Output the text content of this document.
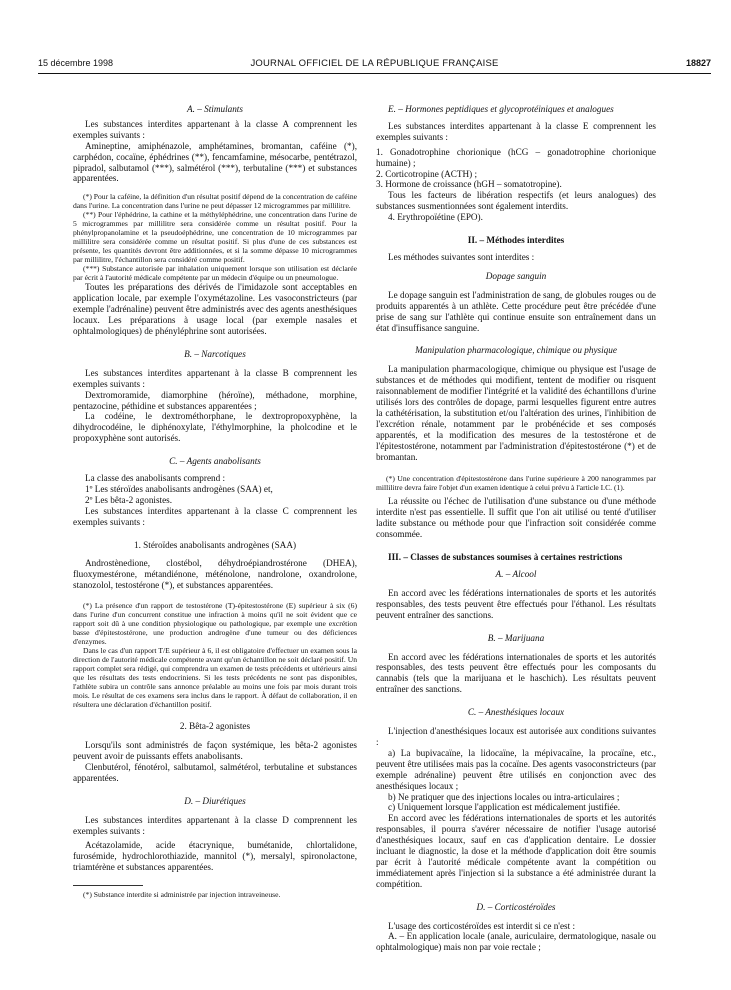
15 décembre 1998	JOURNAL OFFICIEL DE LA RÉPUBLIQUE FRANÇAISE	18827

A. – Stimulants

Les substances interdites appartenant à la classe A comprennent les exemples suivants :

Amineptine, amiphénazole, amphétamines, bromantan, caféine (*), carphédon, cocaïne, éphédrines (**), fencamfamine, mésocarbe, pentétrazol, pipradol, salbutamol (***), salmétérol (***), terbutaline (***) et substances apparentées.

(*) Pour la caféine, la définition d'un résultat positif dépend de la concentration de caféine dans l'urine. La concentration dans l'urine ne peut dépasser 12 microgrammes par millilitre.

(**) Pour l'éphédrine, la cathine et la méthyléphédrine, une concentration dans l'urine de 5 microgrammes par millilitre sera considérée comme un résultat positif. Pour la phénylpropanolamine et la pseudoéphédrine, une concentration de 10 microgrammes par millilitre sera considérée comme un résultat positif. Si plus d'une de ces substances est présente, les quantités devront être additionnées, et si la somme dépasse 10 microgrammes par millilitre, l'échantillon sera considéré comme positif.

(***) Substance autorisée par inhalation uniquement lorsque son utilisation est déclarée par écrit à l'autorité médicale compétente par un médecin d'équipe ou un pneumologue.

Toutes les préparations des dérivés de l'imidazole sont acceptables en application locale, par exemple l'oxymétazoline. Les vasoconstricteurs (par exemple l'adrénaline) peuvent être administrés avec des agents anesthésiques locaux. Les préparations à usage local (par exemple nasales et ophtalmologiques) de phényléphrine sont autorisées.

B. – Narcotiques

Les substances interdites appartenant à la classe B comprennent les exemples suivants :

Dextromoramide, diamorphine (héroïne), méthadone, morphine, pentazocine, péthidine et substances apparentées ;

La codéine, le dextrométhorphane, le dextropropoxyphène, la dihydrocodéine, le diphénoxylate, l'éthylmorphine, la pholcodine et le propoxyphène sont autorisés.

C. – Agents anabolisants

La classe des anabolisants comprend :

1º Les stéroïdes anabolisants androgènes (SAA) et,

2º Les bêta-2 agonistes.

Les substances interdites appartenant à la classe C comprennent les exemples suivants :

1. Stéroïdes anabolisants androgènes (SAA)

Androstènedione, clostébol, déhydroépiandrostérone (DHEA), fluoxymestérone, métandiénone, méténolone, nandrolone, oxandrolone, stanozolol, testostérone (*), et substances apparentées.

(*) La présence d'un rapport de testostérone (T)-épitestostérone (E) supérieur à six (6) dans l'urine d'un concurrent constitue une infraction à moins qu'il ne soit évident que ce rapport soit dû à une condition physiologique ou pathologique, par exemple une excrétion basse d'épitestostérone, une production androgène d'une tumeur ou des déficiences d'enzymes.

Dans le cas d'un rapport T/E supérieur à 6, il est obligatoire d'effectuer un examen sous la direction de l'autorité médicale compétente avant qu'un échantillon ne soit déclaré positif. Un rapport complet sera rédigé, qui comprendra un examen de tests précédents et ultérieurs ainsi que les résultats des tests endocriniens. Si les tests précédents ne sont pas disponibles, l'athlète subira un contrôle sans annonce préalable au moins une fois par mois durant trois mois. Le résultat de ces examens sera inclus dans le rapport. À défaut de collaboration, il en résultera une déclaration d'échantillon positif.

2. Bêta-2 agonistes

Lorsqu'ils sont administrés de façon systémique, les bêta-2 agonistes peuvent avoir de puissants effets anabolisants.

Clenbutérol, fénotérol, salbutamol, salmétérol, terbutaline et substances apparentées.

D. – Diurétiques

Les substances interdites appartenant à la classe D comprennent les exemples suivants :

Acétazolamide, acide étacrynique, bumétanide, chlortalidone, furosémide, hydrochlorothiazide, mannitol (*), mersalyl, spironolactone, triamtérène et substances apparentées.

(*) Substance interdite si administrée par injection intraveineuse.

E. – Hormones peptidiques et glycoprotéiniques et analogues

Les substances interdites appartenant à la classe E comprennent les exemples suivants :

1. Gonadotrophine chorionique (hCG – gonadotrophine chorionique humaine) ;

2. Corticotropine (ACTH) ;

3. Hormone de croissance (hGH – somatotropine).

Tous les facteurs de libération respectifs (et leurs analogues) des substances susmentionnées sont également interdits.

4. Erythropoïétine (EPO).

II. – Méthodes interdites

Les méthodes suivantes sont interdites :

Dopage sanguin

Le dopage sanguin est l'administration de sang, de globules rouges ou de produits apparentés à un athlète. Cette procédure peut être précédée d'une prise de sang sur l'athlète qui continue ensuite son entraînement dans un état d'insuffisance sanguine.

Manipulation pharmacologique, chimique ou physique

La manipulation pharmacologique, chimique ou physique est l'usage de substances et de méthodes qui modifient, tentent de modifier ou risquent raisonnablement de modifier l'intégrité et la validité des échantillons d'urine utilisés lors des contrôles de dopage, parmi lesquelles figurent entre autres la cathétérisation, la substitution et/ou l'altération des urines, l'inhibition de l'excrétion rénale, notamment par le probénécide et ses composés apparentés, et la modification des mesures de la testostérone et de l'épitestostérone, notamment par l'administration d'épitestostérone (*) et de bromantan.

(*) Une concentration d'épitestostérone dans l'urine supérieure à 200 nanogrammes par millilitre devra faire l'objet d'un examen identique à celui prévu à l'article I.C. (1).

La réussite ou l'échec de l'utilisation d'une substance ou d'une méthode interdite n'est pas essentielle. Il suffit que l'on ait utilisé ou tenté d'utiliser ladite substance ou méthode pour que l'infraction soit considérée comme consommée.

III. – Classes de substances soumises à certaines restrictions

A. – Alcool

En accord avec les fédérations internationales de sports et les autorités responsables, des tests peuvent être effectués pour l'éthanol. Les résultats peuvent entraîner des sanctions.

B. – Marijuana

En accord avec les fédérations internationales de sports et les autorités responsables, des tests peuvent être effectués pour les composants du cannabis (tels que la marijuana et le haschich). Les résultats peuvent entraîner des sanctions.

C. – Anesthésiques locaux

L'injection d'anesthésiques locaux est autorisée aux conditions suivantes :

a) La bupivacaïne, la lidocaïne, la mépivacaïne, la procaïne, etc., peuvent être utilisées mais pas la cocaïne. Des agents vasoconstricteurs (par exemple adrénaline) peuvent être utilisés en conjonction avec des anesthésiques locaux ;

b) Ne pratiquer que des injections locales ou intra-articulaires ;

c) Uniquement lorsque l'application est médicalement justifiée.

En accord avec les fédérations internationales de sports et les autorités responsables, il pourra s'avérer nécessaire de notifier l'usage autorisé d'anesthésiques locaux, sauf en cas d'application dentaire. Le dossier incluant le diagnostic, la dose et la méthode d'application doit être soumis par écrit à l'autorité médicale compétente avant la compétition ou immédiatement après l'injection si la substance a été administrée durant la compétition.

D. – Corticostéroïdes

L'usage des corticostéroïdes est interdit si ce n'est :

A. – En application locale (anale, auriculaire, dermatologique, nasale ou ophtalmologique) mais non par voie rectale ;
